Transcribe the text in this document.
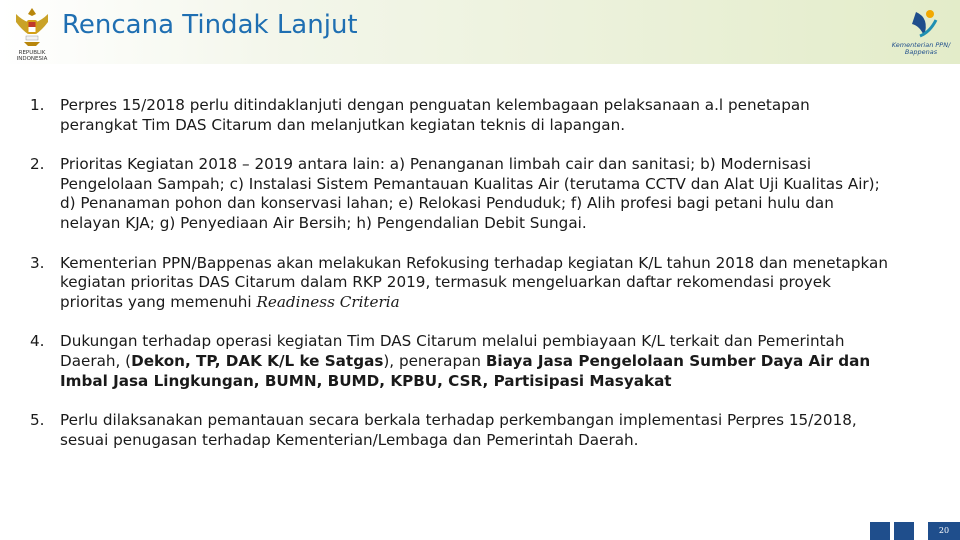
REPUBLIK INDONESIA
Rencana Tindak Lanjut
Kementerian PPN/ Bappenas
1. Perpres 15/2018 perlu ditindaklanjuti dengan penguatan kelembagaan pelaksanaan a.l penetapan perangkat Tim DAS Citarum dan melanjutkan kegiatan teknis di lapangan.
2. Prioritas Kegiatan 2018 – 2019 antara lain: a) Penanganan limbah cair dan sanitasi; b) Modernisasi Pengelolaan Sampah; c) Instalasi Sistem Pemantauan Kualitas Air (terutama CCTV dan Alat Uji Kualitas Air); d) Penanaman pohon dan konservasi lahan; e) Relokasi Penduduk; f) Alih profesi bagi petani hulu dan nelayan KJA; g) Penyediaan Air Bersih; h) Pengendalian Debit Sungai.
3. Kementerian PPN/Bappenas akan melakukan Refokusing terhadap kegiatan K/L tahun 2018 dan menetapkan kegiatan prioritas DAS Citarum dalam RKP 2019, termasuk mengeluarkan daftar rekomendasi proyek prioritas yang memenuhi Readiness Criteria
4. Dukungan terhadap operasi kegiatan Tim DAS Citarum melalui pembiayaan K/L terkait dan Pemerintah Daerah, (Dekon, TP, DAK K/L ke Satgas), penerapan Biaya Jasa Pengelolaan Sumber Daya Air dan Imbal Jasa Lingkungan, BUMN, BUMD, KPBU, CSR, Partisipasi Masyakat
5. Perlu dilaksanakan pemantauan secara berkala terhadap perkembangan implementasi Perpres 15/2018, sesuai penugasan terhadap Kementerian/Lembaga dan Pemerintah Daerah.
20
